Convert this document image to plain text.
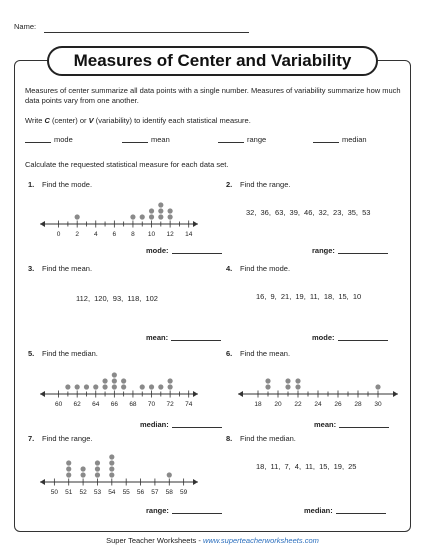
Name:
Measures of Center and Variability
Measures of center summarize all data points with a single number. Measures of variability summarize how much data points vary from one another.
Write C (center) or V (variability) to identify each statistical measure.
mode	mean	range	median
Calculate the requested statistical measure for each data set.
1. Find the mode.
0 2 4 6 8 10 12 14
mode:
2. Find the range.
32, 36, 63, 39, 46, 32, 23, 35, 53
range:
3. Find the mean.
112, 120, 93, 118, 102
mean:
4. Find the mode.
16, 9, 21, 19, 11, 18, 15, 10
mode:
5. Find the median.
60 62 64 66 68 70 72 74
median:
6. Find the mean.
18 20 22 24 26 28 30
mean:
7. Find the range.
50 51 52 53 54 55 56 57 58 59
range:
8. Find the median.
18, 11, 7, 4, 11, 15, 19, 25
median:
Super Teacher Worksheets - www.superteacherworksheets.com
